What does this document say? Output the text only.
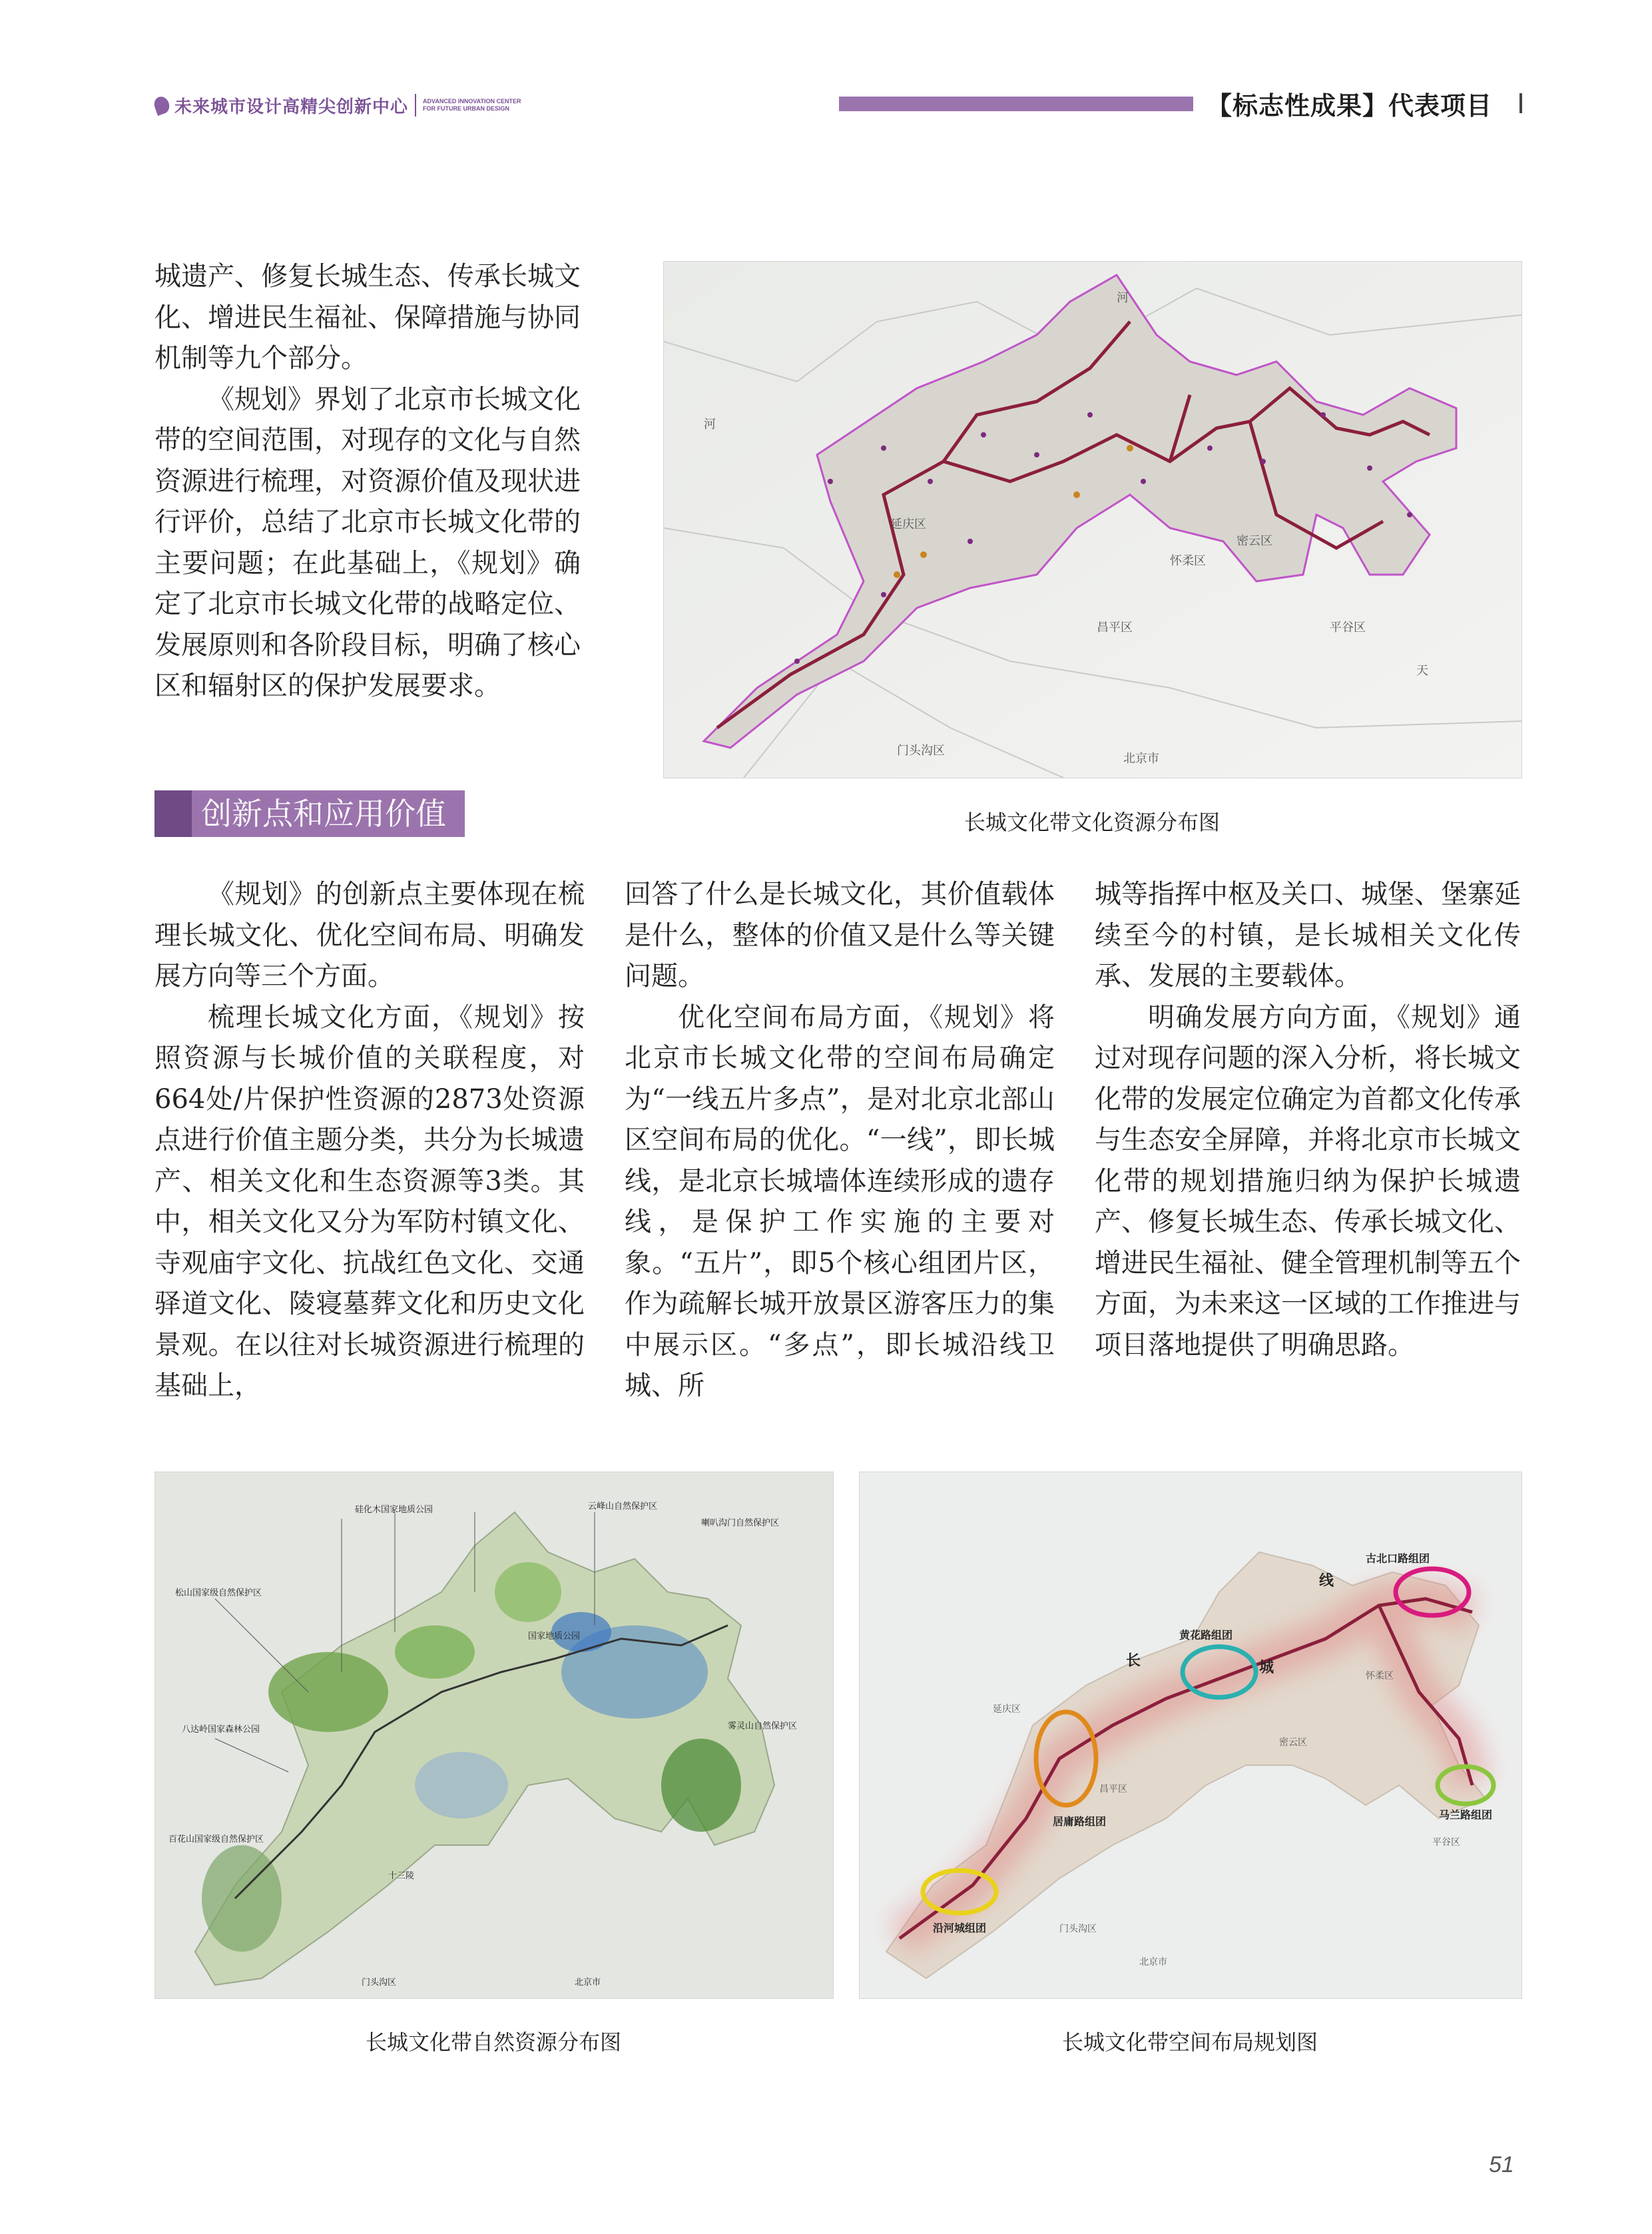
未来城市设计高精尖创新中心 ADVANCED INNOVATION CENTER
FOR FUTURE URBAN DESIGN	【标志性成果】代表项目

城遗产、修复长城生态、传承长城文化、增进民生福祉、保障措施与协同机制等九个部分。

《规划》界划了北京市长城文化带的空间范围，对现存的文化与自然资源进行梳理，对资源价值及现状进行评价，总结了北京市长城文化带的主要问题；在此基础上，《规划》确定了北京市长城文化带的战略定位、发展原则和各阶段目标，明确了核心区和辐射区的保护发展要求。

河
河
延庆区
怀柔区
密云区
昌平区	平谷区
门头沟区
北京市
天
创新点和应用价值	长城文化带文化资源分布图

《规划》的创新点主要体现在梳理长城文化、优化空间布局、明确发展方向等三个方面。

梳理长城文化方面，《规划》按照资源与长城价值的关联程度，对664处/片保护性资源的2873处资源点进行价值主题分类，共分为长城遗产、相关文化和生态资源等3类。其中，相关文化又分为军防村镇文化、寺观庙宇文化、抗战红色文化、交通驿道文化、陵寝墓葬文化和历史文化景观。在以往对长城资源进行梳理的基础上，

回答了什么是长城文化，其价值载体是什么，整体的价值又是什么等关键问题。

优化空间布局方面，《规划》将北京市长城文化带的空间布局确定为“一线五片多点”，是对北京北部山区空间布局的优化。“一线”，即长城线，是北京长城墙体连续形成的遗存线，是保护工作实施的主要对象。“五片”，即5个核心组团片区，作为疏解长城开放景区游客压力的集中展示区。“多点”，即长城沿线卫城、所

城等指挥中枢及关口、城堡、堡寨延续至今的村镇，是长城相关文化传承、发展的主要载体。

明确发展方向方面，《规划》通过对现存问题的深入分析，将长城文化带的发展定位确定为首都文化传承与生态安全屏障，并将北京市长城文化带的规划措施归纳为保护长城遗产、修复长城生态、传承长城文化、增进民生福祉、健全管理机制等五个方面，为未来这一区域的工作推进与项目落地提供了明确思路。

硅化木国家地质公园	云峰山自然保护区
松山国家级自然保护区
八达岭国家森林公园
百花山国家级自然保护区
喇叭沟门自然保护区
雾灵山自然保护区
国家地质公园
十三陵
门头沟区	北京市
古北口路组团
黄花路组团
居庸路组团
马兰路组团
沿河城组团
线
长	城
延庆区
怀柔区
密云区
昌平区
平谷区
门头沟区
北京市
长城文化带自然资源分布图	长城文化带空间布局规划图
51
